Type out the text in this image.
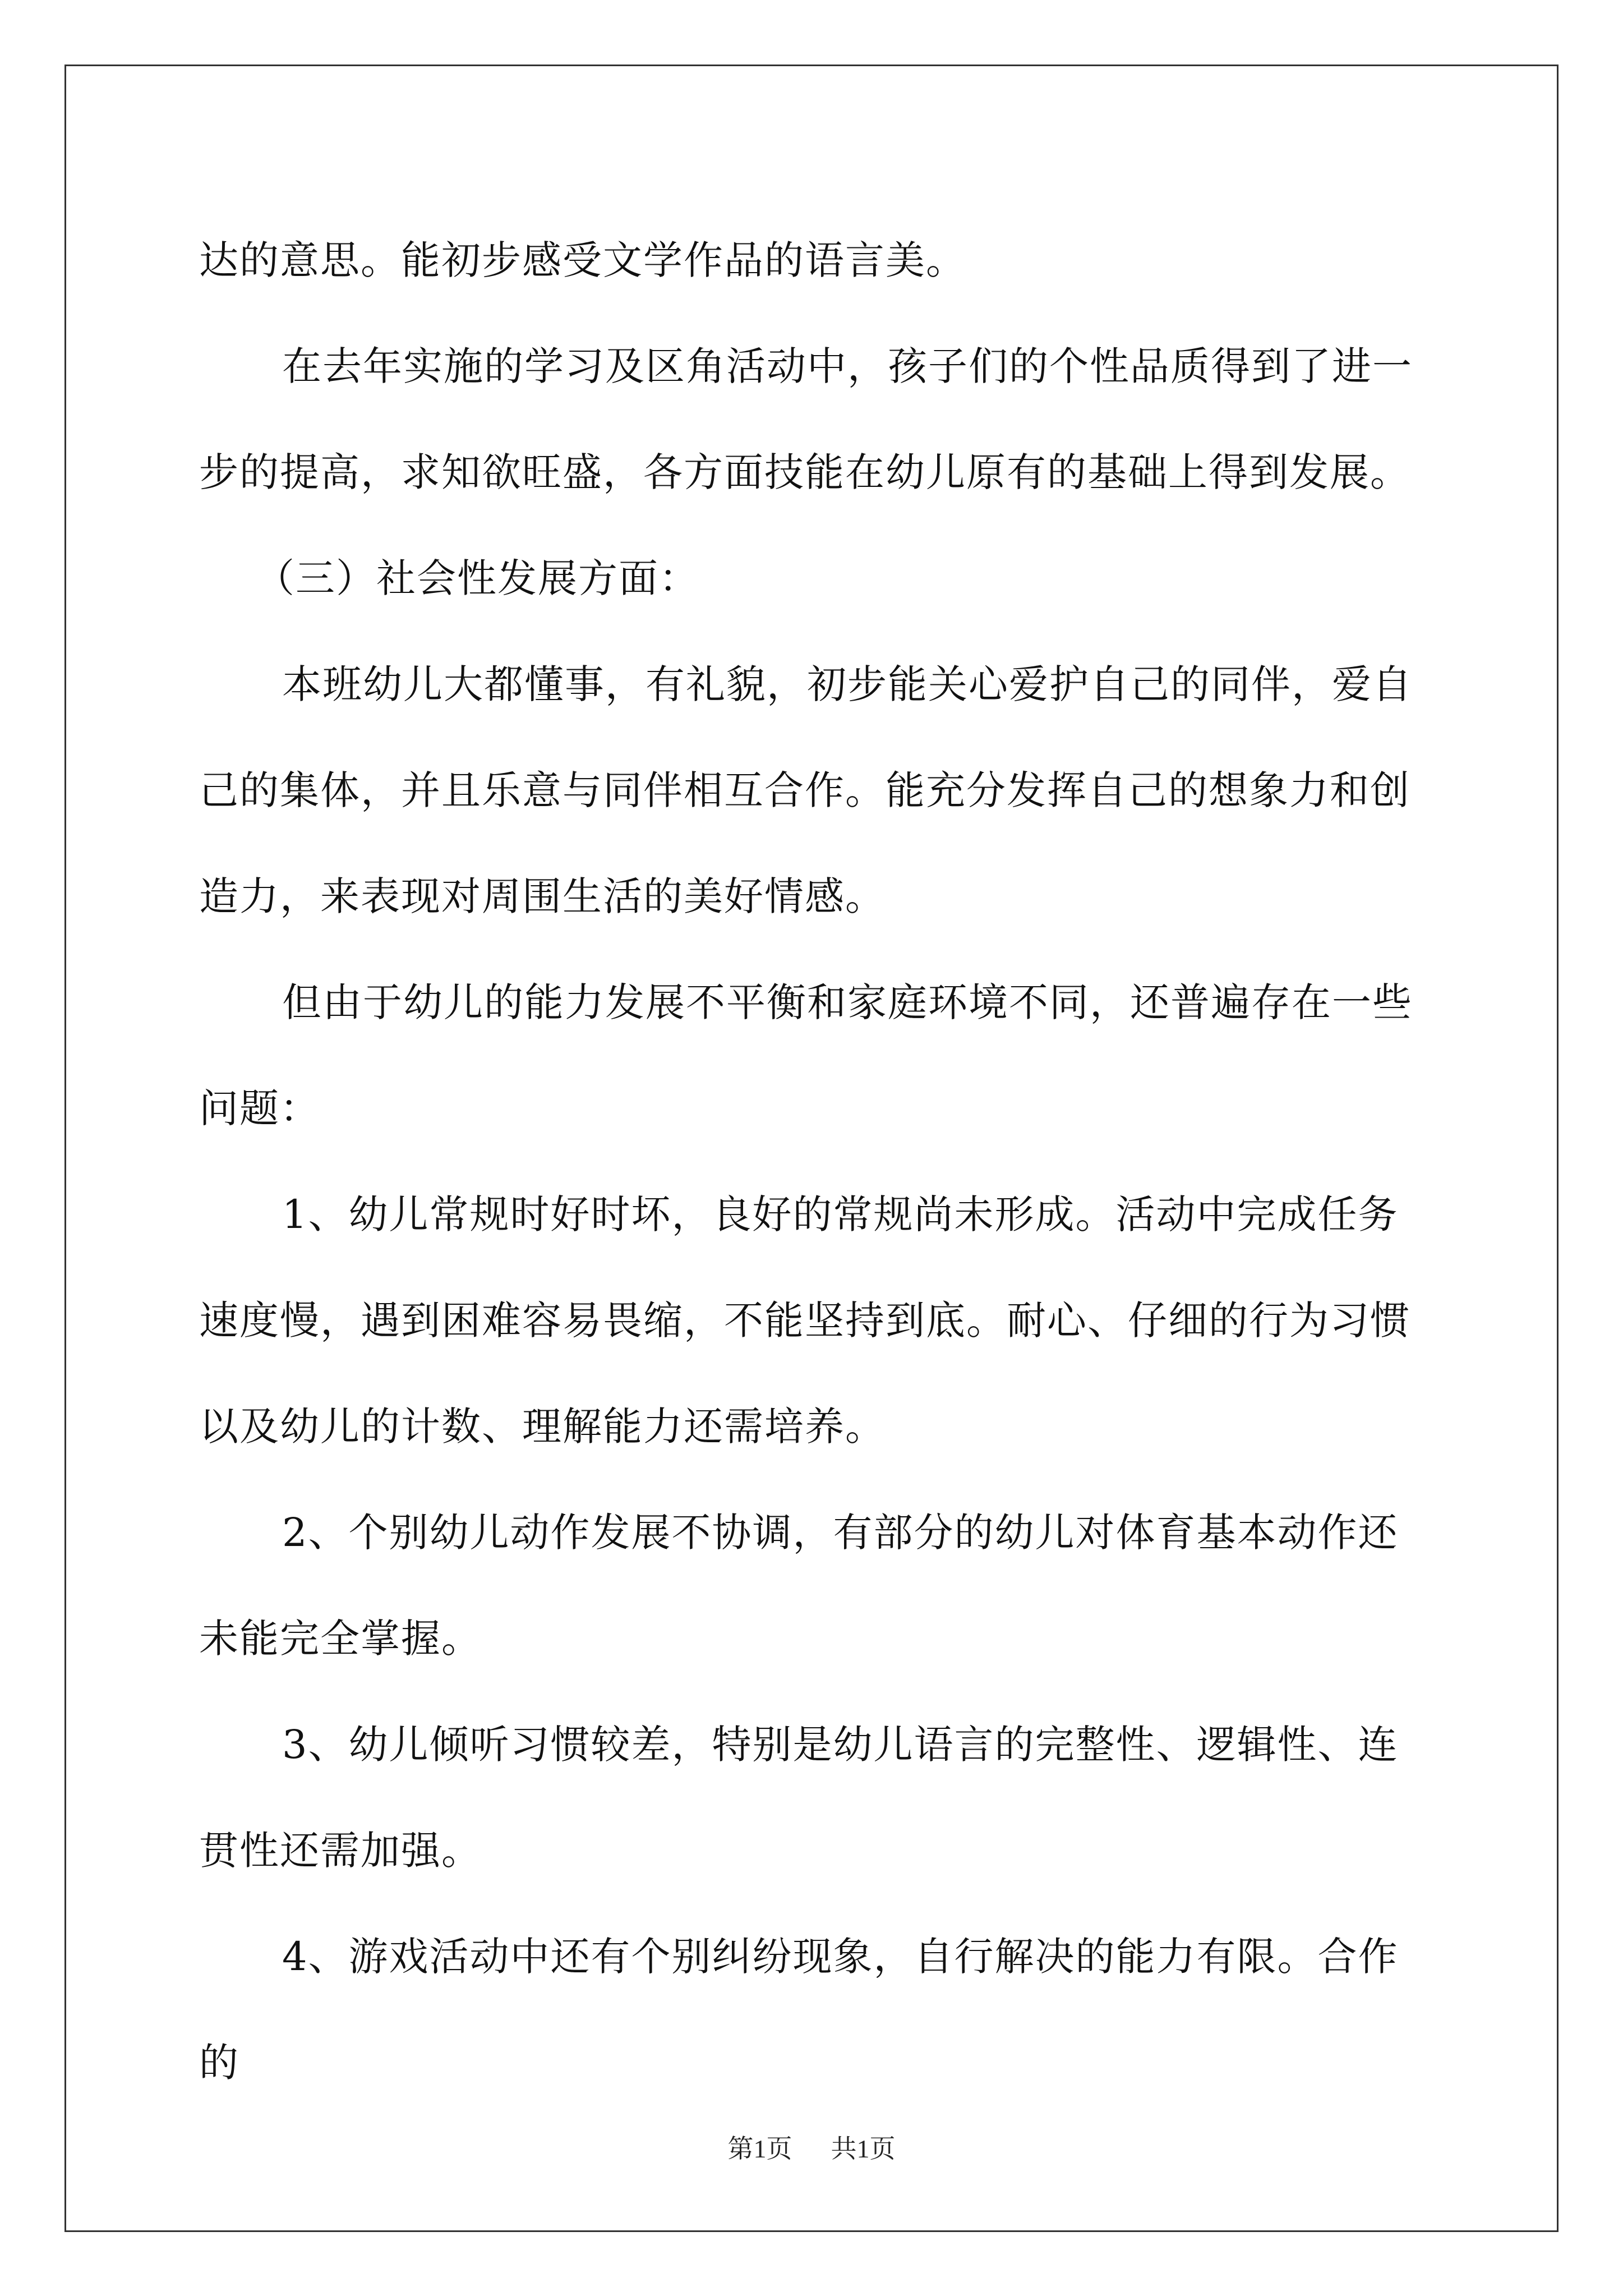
达的意思。能初步感受文学作品的语言美。

在去年实施的学习及区角活动中，孩子们的个性品质得到了进一步的提高，求知欲旺盛，各方面技能在幼儿原有的基础上得到发展。

（三）社会性发展方面：

本班幼儿大都懂事，有礼貌，初步能关心爱护自己的同伴，爱自己的集体，并且乐意与同伴相互合作。能充分发挥自己的想象力和创造力，来表现对周围生活的美好情感。

但由于幼儿的能力发展不平衡和家庭环境不同，还普遍存在一些问题：

1、幼儿常规时好时坏，良好的常规尚未形成。活动中完成任务速度慢，遇到困难容易畏缩，不能坚持到底。耐心、仔细的行为习惯以及幼儿的计数、理解能力还需培养。

2、个别幼儿动作发展不协调，有部分的幼儿对体育基本动作还未能完全掌握。

3、幼儿倾听习惯较差，特别是幼儿语言的完整性、逻辑性、连贯性还需加强。

4、游戏活动中还有个别纠纷现象，自行解决的能力有限。合作的

第1页 共1页
